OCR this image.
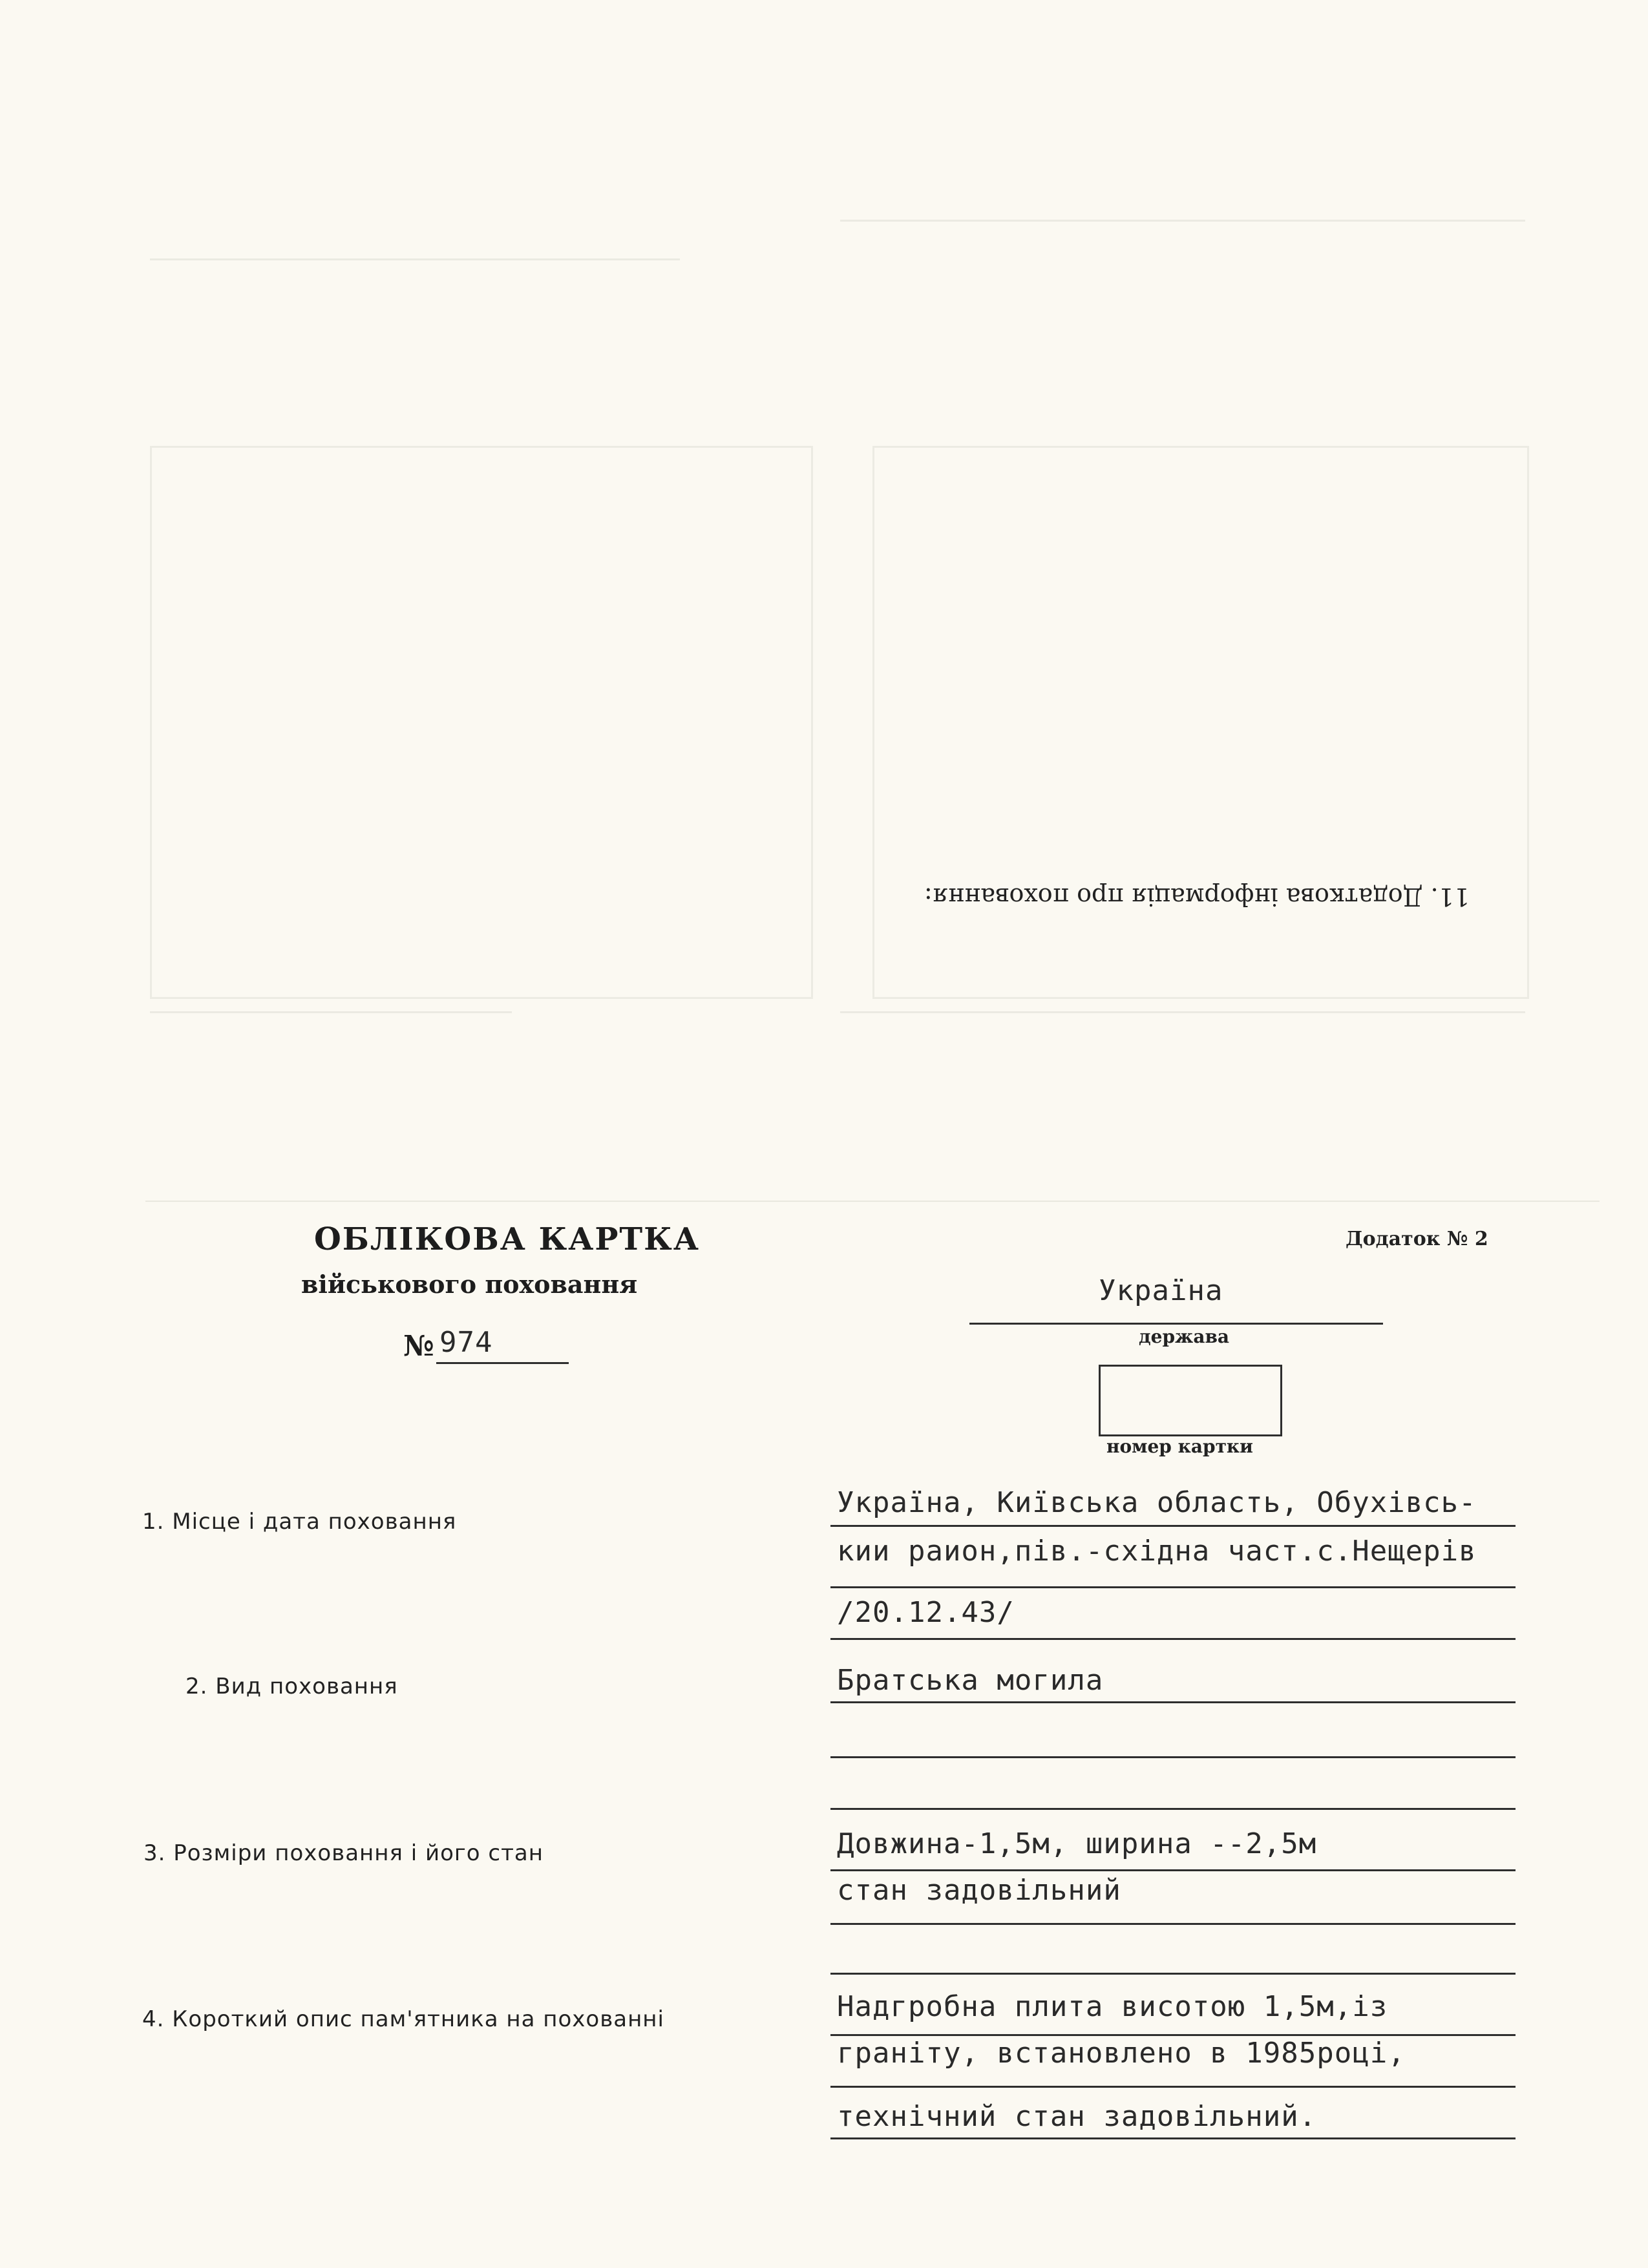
11. Додаткова інформація про поховання:
ОБЛІКОВА КАРТКА
військового поховання
№ 974
Додаток № 2
Україна
держава
номер картки
1. Місце і дата поховання
Україна, Київська область, Обухівсь-
кии раион,пів.-східна част.с.Нещерів
/20.12.43/
2. Вид поховання	Братська могила
3. Розміри поховання і його стан	Довжина-1,5м, ширина --2,5м
стан задовільний
4. Короткий опис пам'ятника на похованні	Надгробна плита висотою 1,5м,із
граніту, встановлено в 1985році,
технічний стан задовільний.
